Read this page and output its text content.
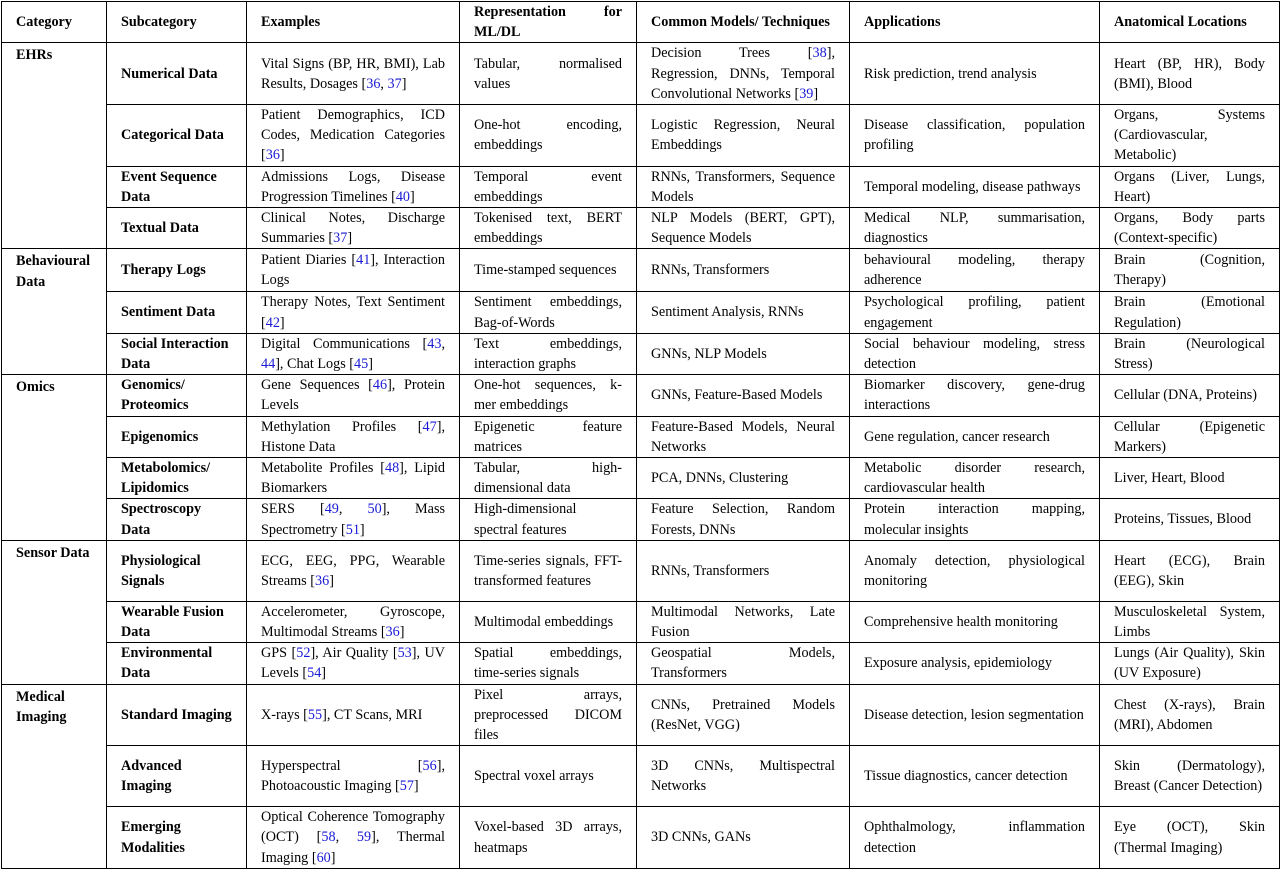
Category	Subcategory	Examples	Representation for ML/DL	Common Models/ Techniques	Applications	Anatomical Locations
EHRs	Numerical Data	Vital Signs (BP, HR, BMI), Lab Results, Dosages [36, 37]	Tabular, normalised values	Decision Trees [38], Regression, DNNs, Temporal Convolutional Networks [39]	Risk prediction, trend analysis	Heart (BP, HR), Body (BMI), Blood
	Categorical Data	Patient Demographics, ICD Codes, Medication Categories [36]	One-hot encoding, embeddings	Logistic Regression, Neural Embeddings	Disease classification, population profiling	Organs, Systems (Cardiovascular, Metabolic)
	Event Sequence Data	Admissions Logs, Disease Progression Timelines [40]	Temporal event embeddings	RNNs, Transformers, Sequence Models	Temporal modeling, disease pathways	Organs (Liver, Lungs, Heart)
	Textual Data	Clinical Notes, Discharge Summaries [37]	Tokenised text, BERT embeddings	NLP Models (BERT, GPT), Sequence Models	Medical NLP, summarisation, diagnostics	Organs, Body parts (Context-specific)
Behavioural Data	Therapy Logs	Patient Diaries [41], Interaction Logs	Time-stamped sequences	RNNs, Transformers	behavioural modeling, therapy adherence	Brain (Cognition, Therapy)
	Sentiment Data	Therapy Notes, Text Sentiment [42]	Sentiment embeddings, Bag-of-Words	Sentiment Analysis, RNNs	Psychological profiling, patient engagement	Brain (Emotional Regulation)
	Social Interaction Data	Digital Communications [43, 44], Chat Logs [45]	Text embeddings, interaction graphs	GNNs, NLP Models	Social behaviour modeling, stress detection	Brain (Neurological Stress)
Omics	Genomics/ Proteomics	Gene Sequences [46], Protein Levels	One-hot sequences, k-mer embeddings	GNNs, Feature-Based Models	Biomarker discovery, gene-drug interactions	Cellular (DNA, Proteins)
	Epigenomics	Methylation Profiles [47], Histone Data	Epigenetic feature matrices	Feature-Based Models, Neural Networks	Gene regulation, cancer research	Cellular (Epigenetic Markers)
	Metabolomics/ Lipidomics	Metabolite Profiles [48], Lipid Biomarkers	Tabular, high-dimensional data	PCA, DNNs, Clustering	Metabolic disorder research, cardiovascular health	Liver, Heart, Blood
	Spectroscopy Data	SERS [49, 50], Mass Spectrometry [51]	High-dimensional spectral features	Feature Selection, Random Forests, DNNs	Protein interaction mapping, molecular insights	Proteins, Tissues, Blood
Sensor Data	Physiological Signals	ECG, EEG, PPG, Wearable Streams [36]	Time-series signals, FFT-transformed features	RNNs, Transformers	Anomaly detection, physiological monitoring	Heart (ECG), Brain (EEG), Skin
	Wearable Fusion Data	Accelerometer, Gyroscope, Multimodal Streams [36]	Multimodal embeddings	Multimodal Networks, Late Fusion	Comprehensive health monitoring	Musculoskeletal System, Limbs
	Environmental Data	GPS [52], Air Quality [53], UV Levels [54]	Spatial embeddings, time-series signals	Geospatial Models, Transformers	Exposure analysis, epidemiology	Lungs (Air Quality), Skin (UV Exposure)
Medical Imaging	Standard Imaging	X-rays [55], CT Scans, MRI	Pixel arrays, preprocessed DICOM files	CNNs, Pretrained Models (ResNet, VGG)	Disease detection, lesion segmentation	Chest (X-rays), Brain (MRI), Abdomen
	Advanced Imaging	Hyperspectral [56], Photoacoustic Imaging [57]	Spectral voxel arrays	3D CNNs, Multispectral Networks	Tissue diagnostics, cancer detection	Skin (Dermatology), Breast (Cancer Detection)
	Emerging Modalities	Optical Coherence Tomography (OCT) [58, 59], Thermal Imaging [60]	Voxel-based 3D arrays, heatmaps	3D CNNs, GANs	Ophthalmology, inflammation detection	Eye (OCT), Skin (Thermal Imaging)
